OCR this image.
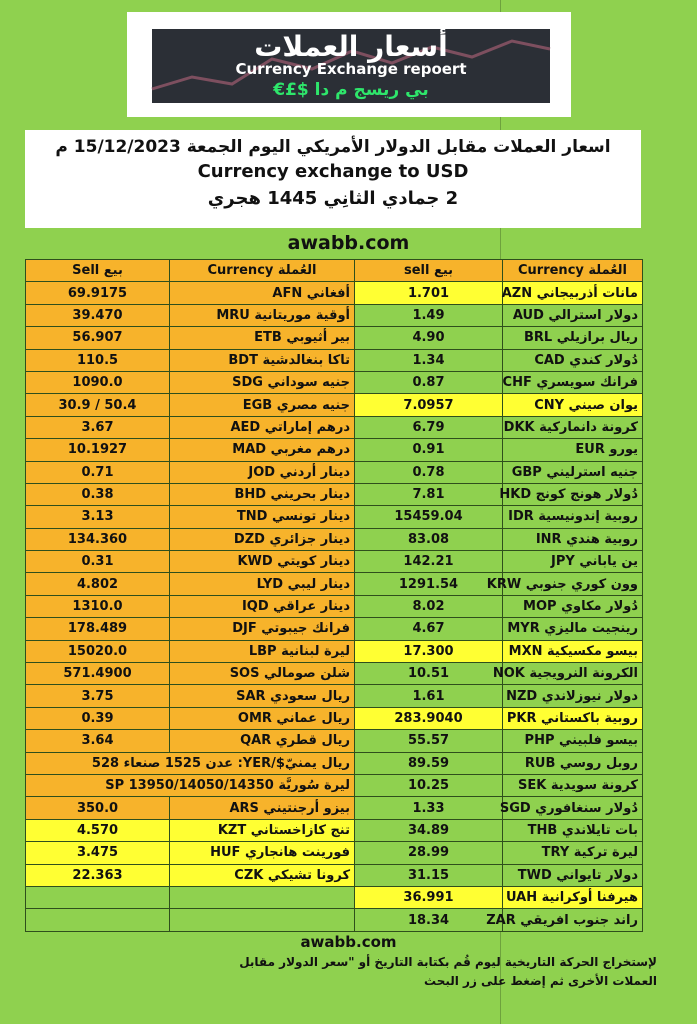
أسعار العملات
Currency Exchange repoert
بي ريسج م دا $£€
اسعار العملات مقابل الدولار الأمريكي اليوم الجمعة 15/12/2023 م
Currency exchange to USD
2 جمادي الثانِي 1445 هجري
awabb.com
بيع Sell	العُملة Currency	بيع sell	العُملة Currency
69.9175	أفغاني AFN	1.701	مانات أذربيجاني AZN
39.470	أوقية موريتانية MRU	1.49	دولار استرالي AUD
56.907	بير أثيوبي ETB	4.90	ريال برازيلي BRL
110.5	تاكا بنغالدشية BDT	1.34	دُولار كندي CAD
1090.0	جنيه سوداني SDG	0.87	فرانك سويسري CHF
30.9 / 50.4	جنيه مصري EGB	7.0957	يوان صيني CNY
3.67	درهم إماراتي AED	6.79	كرونة دانماركية DKK
10.1927	درهم مغربي MAD	0.91	يورو EUR
0.71	دينار أردني JOD	0.78	جنيه استرليني GBP
0.38	دينار بحريني BHD	7.81	دُولار هونج كونج HKD
3.13	دينار تونسي TND	15459.04	روبية إندونيسية IDR
134.360	دينار جزائري DZD	83.08	روبية هندي INR
0.31	دينار كويتي KWD	142.21	ين ياباني JPY
4.802	دينار ليبي LYD	1291.54	وون كوري جنوبي KRW
1310.0	دينار عراقي IQD	8.02	دُولار مكاوي MOP
178.489	فرانك جيبوتي DJF	4.67	رينجيت ماليزي MYR
15020.0	ليرة لبنانية LBP	17.300	بيسو مكسيكية MXN
571.4900	شلن صومالي SOS	10.51	الكرونة النرويجية NOK
3.75	ريال سعودي SAR	1.61	دولار نيوزلاندي NZD
0.39	ريال عماني OMR	283.9040	روبية باكستاني PKR
3.64	ريال قطري QAR	55.57	بيسو فلبيني PHP
ريال يمنيّ$/YER: عدن 1525 صنعاء 528		89.59	روبل روسي RUB
ليرة سُوريَّة SP 13950/14050/14350		10.25	كرونة سويدية SEK
350.0	بيزو أرجنتيني ARS	1.33	دُولار سنغافوري SGD
4.570	تنج كازاخستاني KZT	34.89	بات تايلاندي THB
3.475	فورينت هانجاري HUF	28.99	ليرة تركية TRY
22.363	كرونا تشيكي CZK	31.15	دولار تايواني TWD
		36.991	هيرفنا أوكرانية UAH
		18.34	راند جنوب افريقي ZAR
awabb.com
لإستخراج الحركة التاريخية ليوم قُم بكتابة التاريخ أو "سعر الدولار مقابل العملات الأخرى ثم إضغط على زر البحث
